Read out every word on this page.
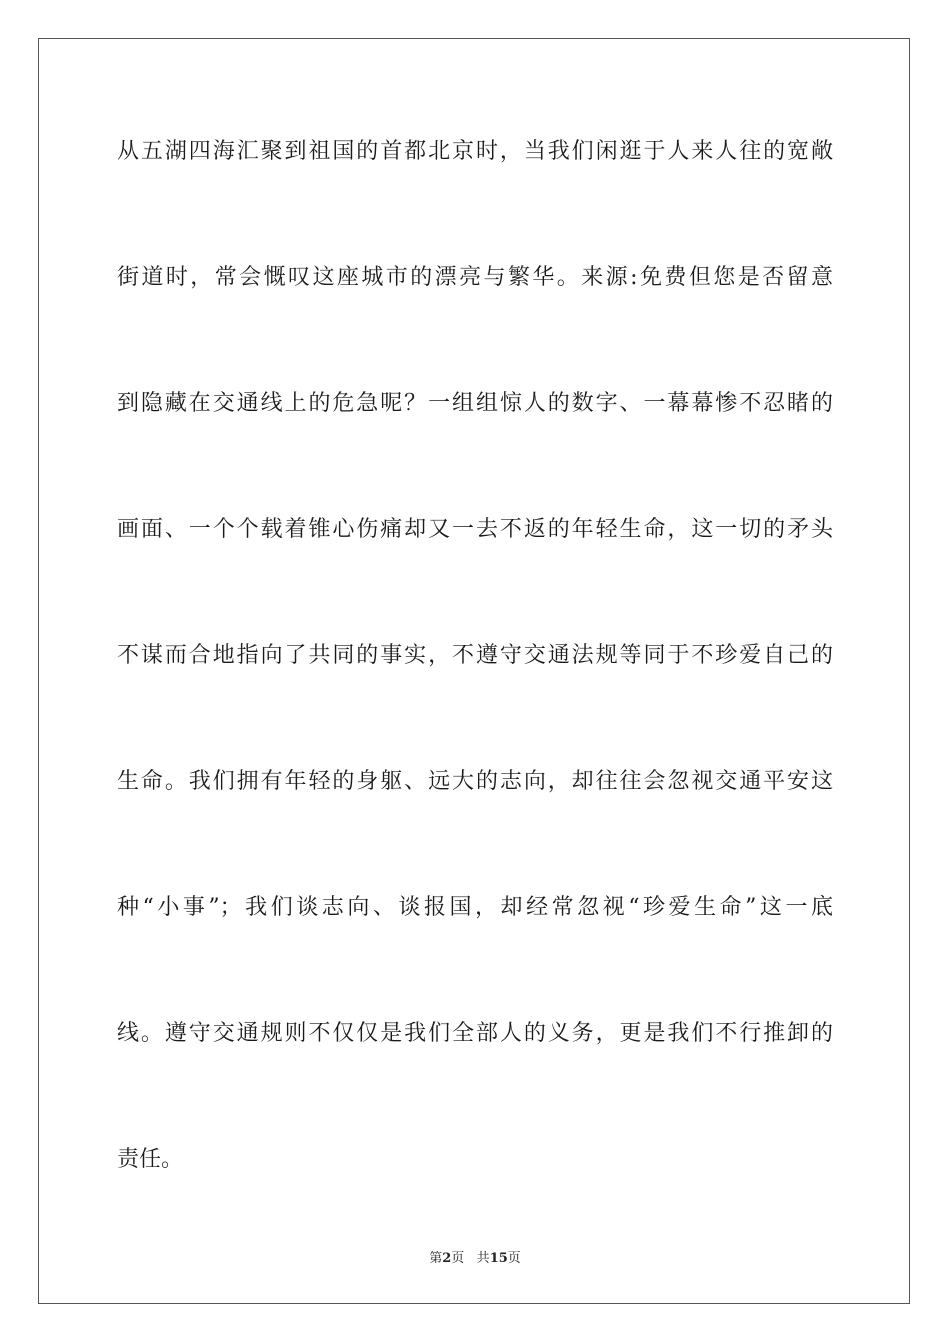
从五湖四海汇聚到祖国的首都北京时，当我们闲逛于人来人往的宽敞
街道时，常会慨叹这座城市的漂亮与繁华。来源:免费但您是否留意
到隐藏在交通线上的危急呢？一组组惊人的数字、一幕幕惨不忍睹的
画面、一个个载着锥心伤痛却又一去不返的年轻生命，这一切的矛头
不谋而合地指向了共同的事实，不遵守交通法规等同于不珍爱自己的
生命。我们拥有年轻的身躯、远大的志向，却往往会忽视交通平安这
种“小事”；我们谈志向、谈报国，却经常忽视“珍爱生命”这一底
线。遵守交通规则不仅仅是我们全部人的义务，更是我们不行推卸的
责任。
第2页 共15页
